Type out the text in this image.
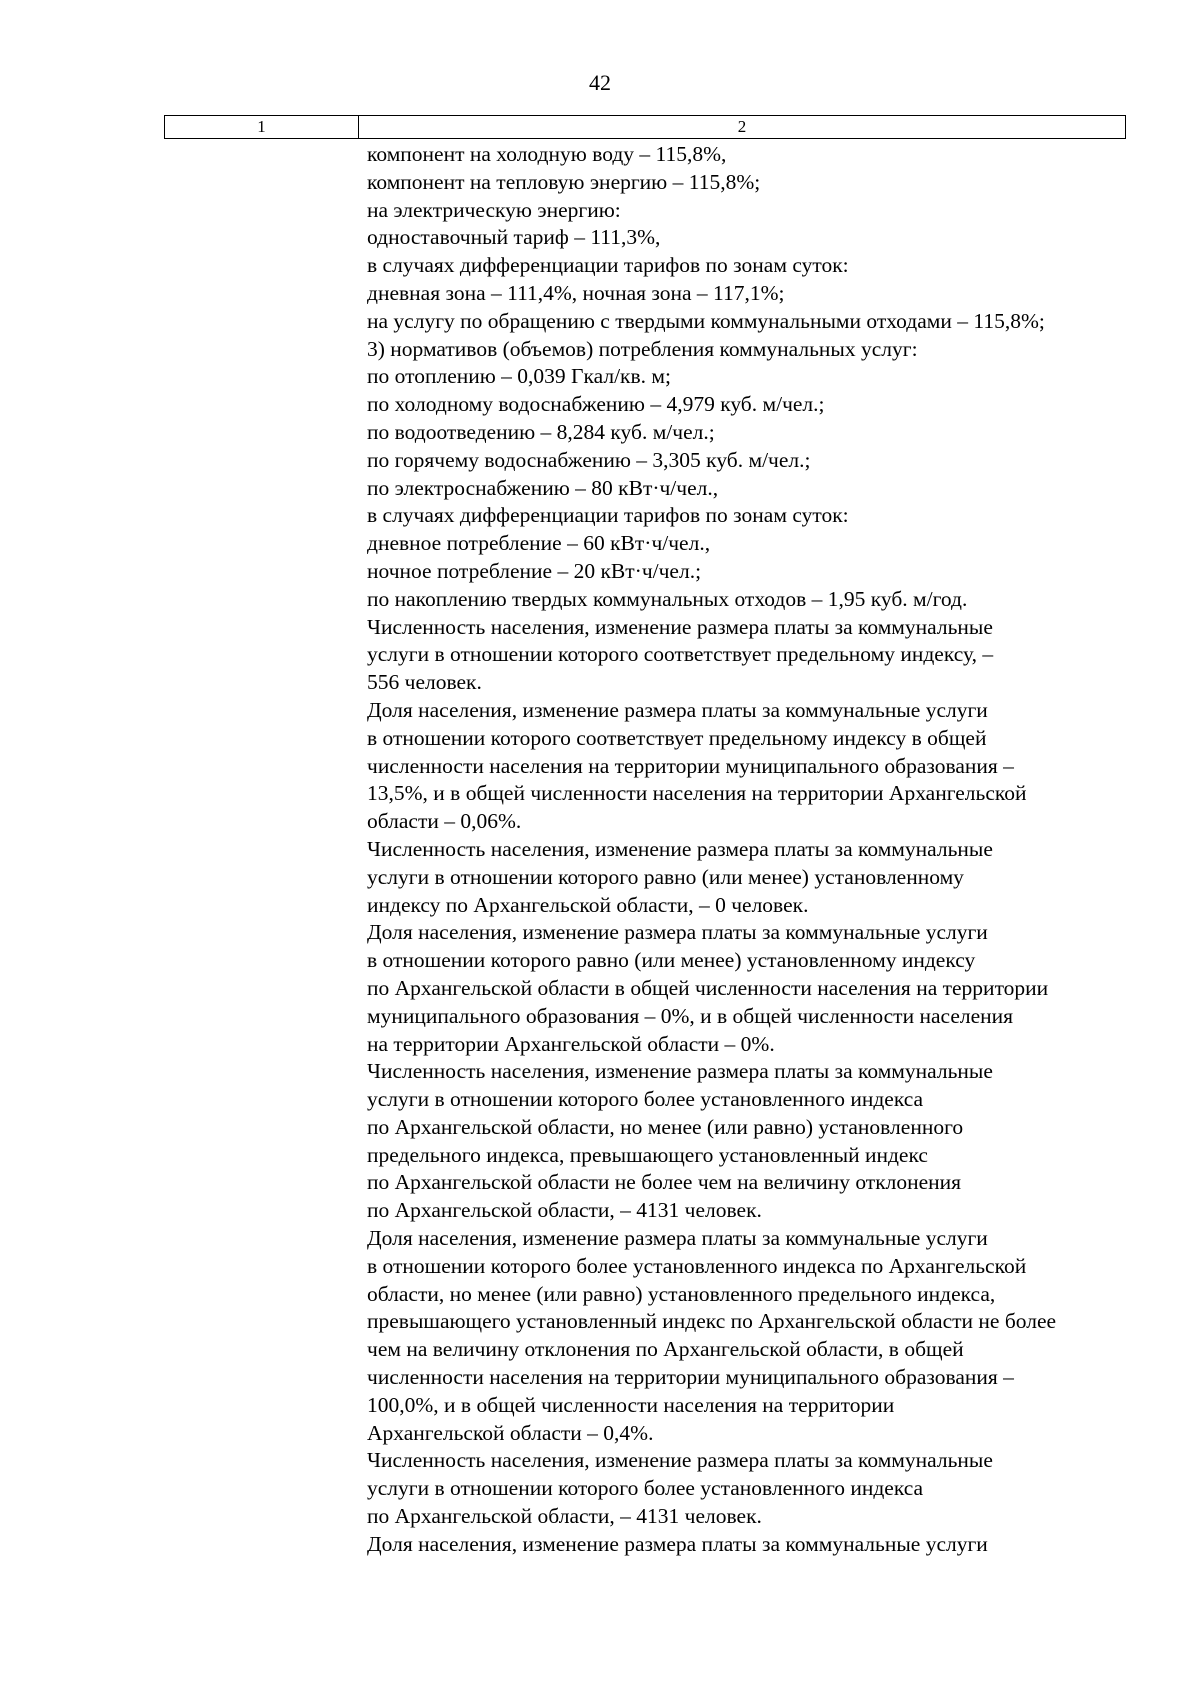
42
1	2
компонент на холодную воду – 115,8%,
компонент на тепловую энергию – 115,8%;
на электрическую энергию:
одноставочный тариф – 111,3%,
в случаях дифференциации тарифов по зонам суток:
дневная зона – 111,4%, ночная зона – 117,1%;
на услугу по обращению с твердыми коммунальными отходами – 115,8%;
3) нормативов (объемов) потребления коммунальных услуг:
по отоплению – 0,039 Гкал/кв. м;
по холодному водоснабжению – 4,979 куб. м/чел.;
по водоотведению – 8,284 куб. м/чел.;
по горячему водоснабжению – 3,305 куб. м/чел.;
по электроснабжению – 80 кВт·ч/чел.,
в случаях дифференциации тарифов по зонам суток:
дневное потребление – 60 кВт·ч/чел.,
ночное потребление – 20 кВт·ч/чел.;
по накоплению твердых коммунальных отходов – 1,95 куб. м/год.
Численность населения, изменение размера платы за коммунальные
услуги в отношении которого соответствует предельному индексу, –
556 человек.
Доля населения, изменение размера платы за коммунальные услуги
в отношении которого соответствует предельному индексу в общей
численности населения на территории муниципального образования –
13,5%, и в общей численности населения на территории Архангельской
области – 0,06%.
Численность населения, изменение размера платы за коммунальные
услуги в отношении которого равно (или менее) установленному
индексу по Архангельской области, – 0 человек.
Доля населения, изменение размера платы за коммунальные услуги
в отношении которого равно (или менее) установленному индексу
по Архангельской области в общей численности населения на территории
муниципального образования – 0%, и в общей численности населения
на территории Архангельской области – 0%.
Численность населения, изменение размера платы за коммунальные
услуги в отношении которого более установленного индекса
по Архангельской области, но менее (или равно) установленного
предельного индекса, превышающего установленный индекс
по Архангельской области не более чем на величину отклонения
по Архангельской области, – 4131 человек.
Доля населения, изменение размера платы за коммунальные услуги
в отношении которого более установленного индекса по Архангельской
области, но менее (или равно) установленного предельного индекса,
превышающего установленный индекс по Архангельской области не более
чем на величину отклонения по Архангельской области, в общей
численности населения на территории муниципального образования –
100,0%, и в общей численности населения на территории
Архангельской области – 0,4%.
Численность населения, изменение размера платы за коммунальные
услуги в отношении которого более установленного индекса
по Архангельской области, – 4131 человек.
Доля населения, изменение размера платы за коммунальные услуги
